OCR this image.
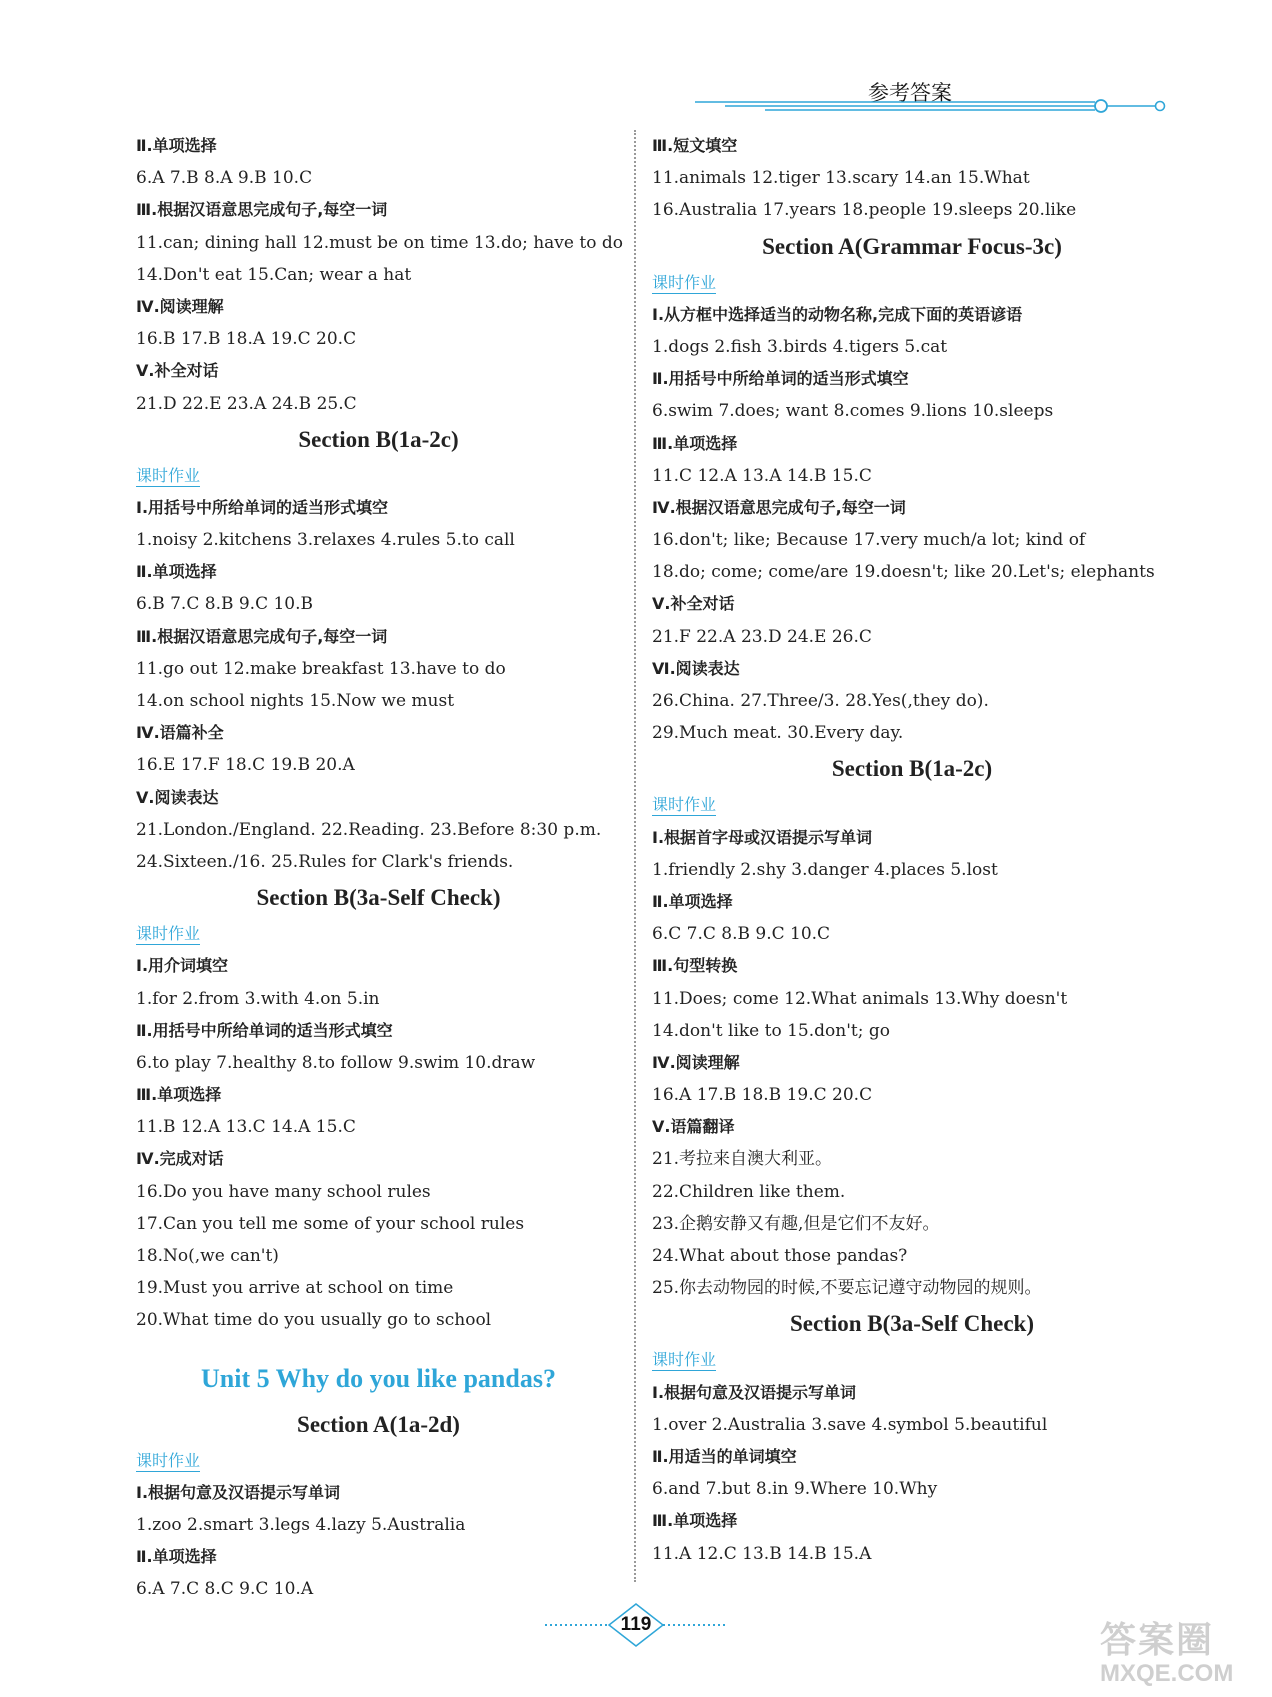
参考答案
Ⅱ.单项选择
6.A 7.B 8.A 9.B 10.C
Ⅲ.根据汉语意思完成句子,每空一词
11.can; dining hall 12.must be on time 13.do; have to do
14.Don't eat 15.Can; wear a hat
Ⅳ.阅读理解
16.B 17.B 18.A 19.C 20.C
Ⅴ.补全对话
21.D 22.E 23.A 24.B 25.C
Section B(1a-2c)
课时作业
Ⅰ.用括号中所给单词的适当形式填空
1.noisy 2.kitchens 3.relaxes 4.rules 5.to call
Ⅱ.单项选择
6.B 7.C 8.B 9.C 10.B
Ⅲ.根据汉语意思完成句子,每空一词
11.go out 12.make breakfast 13.have to do
14.on school nights 15.Now we must
Ⅳ.语篇补全
16.E 17.F 18.C 19.B 20.A
Ⅴ.阅读表达
21.London./England. 22.Reading. 23.Before 8:30 p.m.
24.Sixteen./16. 25.Rules for Clark's friends.
Section B(3a-Self Check)
课时作业
Ⅰ.用介词填空
1.for 2.from 3.with 4.on 5.in
Ⅱ.用括号中所给单词的适当形式填空
6.to play 7.healthy 8.to follow 9.swim 10.draw
Ⅲ.单项选择
11.B 12.A 13.C 14.A 15.C
Ⅳ.完成对话
16.Do you have many school rules
17.Can you tell me some of your school rules
18.No(,we can't)
19.Must you arrive at school on time
20.What time do you usually go to school
Unit 5 Why do you like pandas?
Section A(1a-2d)
课时作业
Ⅰ.根据句意及汉语提示写单词
1.zoo 2.smart 3.legs 4.lazy 5.Australia
Ⅱ.单项选择
6.A 7.C 8.C 9.C 10.A
Ⅲ.短文填空
11.animals 12.tiger 13.scary 14.an 15.What
16.Australia 17.years 18.people 19.sleeps 20.like
Section A(Grammar Focus-3c)
课时作业
Ⅰ.从方框中选择适当的动物名称,完成下面的英语谚语
1.dogs 2.fish 3.birds 4.tigers 5.cat
Ⅱ.用括号中所给单词的适当形式填空
6.swim 7.does; want 8.comes 9.lions 10.sleeps
Ⅲ.单项选择
11.C 12.A 13.A 14.B 15.C
Ⅳ.根据汉语意思完成句子,每空一词
16.don't; like; Because 17.very much/a lot; kind of
18.do; come; come/are 19.doesn't; like 20.Let's; elephants
Ⅴ.补全对话
21.F 22.A 23.D 24.E 26.C
Ⅵ.阅读表达
26.China. 27.Three/3. 28.Yes(,they do).
29.Much meat. 30.Every day.
Section B(1a-2c)
课时作业
Ⅰ.根据首字母或汉语提示写单词
1.friendly 2.shy 3.danger 4.places 5.lost
Ⅱ.单项选择
6.C 7.C 8.B 9.C 10.C
Ⅲ.句型转换
11.Does; come 12.What animals 13.Why doesn't
14.don't like to 15.don't; go
Ⅳ.阅读理解
16.A 17.B 18.B 19.C 20.C
Ⅴ.语篇翻译
21.考拉来自澳大利亚。
22.Children like them.
23.企鹅安静又有趣,但是它们不友好。
24.What about those pandas?
25.你去动物园的时候,不要忘记遵守动物园的规则。
Section B(3a-Self Check)
课时作业
Ⅰ.根据句意及汉语提示写单词
1.over 2.Australia 3.save 4.symbol 5.beautiful
Ⅱ.用适当的单词填空
6.and 7.but 8.in 9.Where 10.Why
Ⅲ.单项选择
11.A 12.C 13.B 14.B 15.A
119	答案圈
MXQE.COM
